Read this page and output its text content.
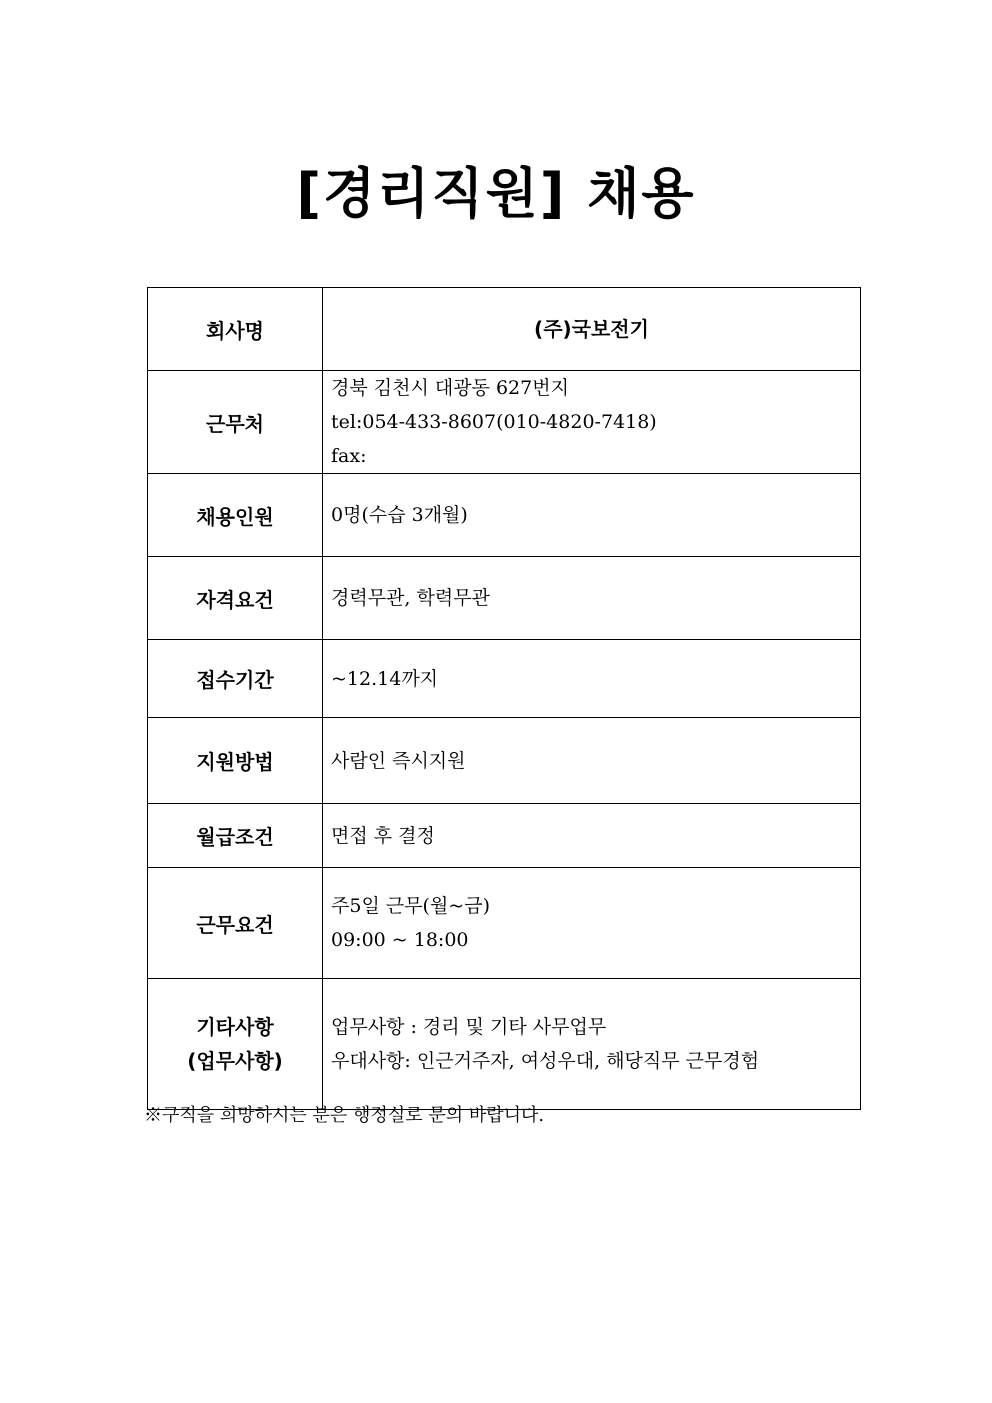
[경리직원] 채용
회사명	(주)국보전기

근무처	경북 김천시 대광동 627번지
tel:054-433-8607(010-4820-7418)
fax:

채용인원	0명(수습 3개월)

자격요건	경력무관, 학력무관

접수기간	~12.14까지

지원방법	사람인 즉시지원

월급조건	면접 후 결정

근무요건	주5일 근무(월~금)
09:00 ~ 18:00

기타사항
(업무사항)	업무사항 : 경리 및 기타 사무업무
우대사항: 인근거주자, 여성우대, 해당직무 근무경험
※구직을 희망하시는 분은 행정실로 문의 바랍니다.
